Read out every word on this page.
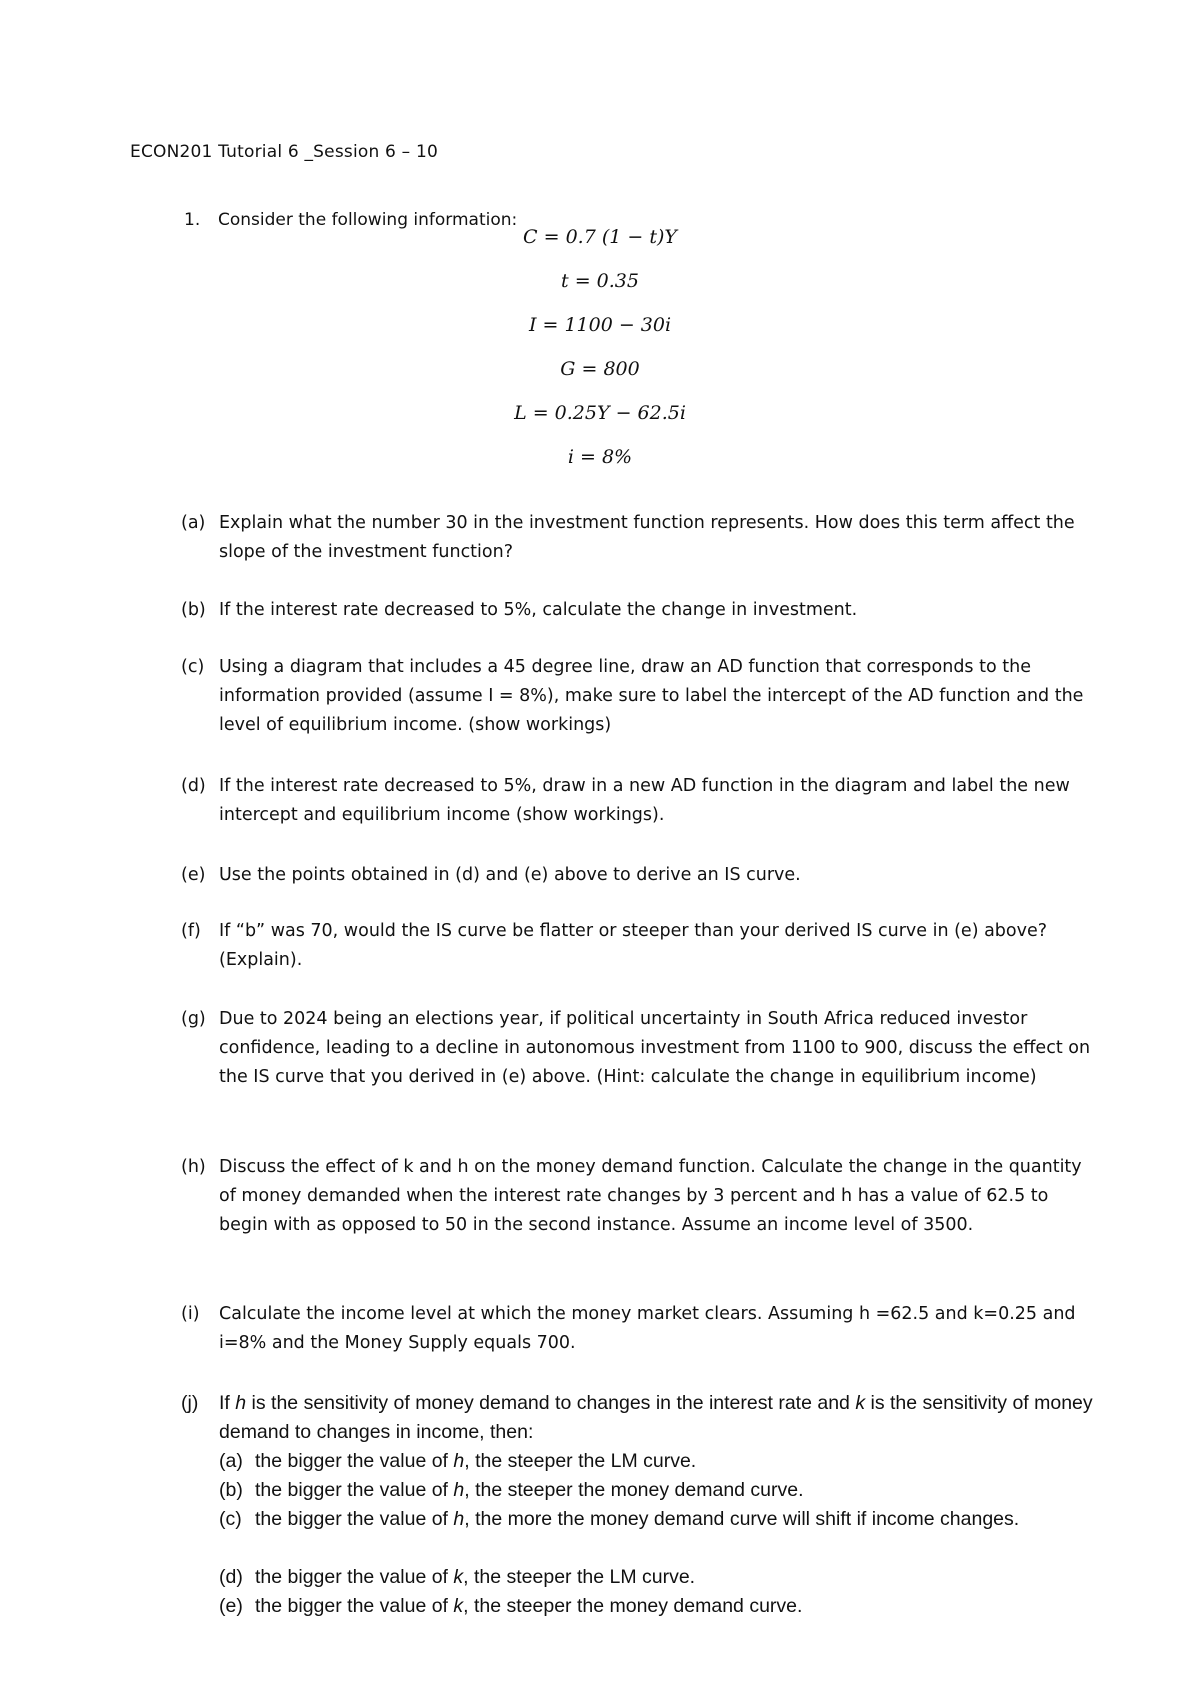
ECON201 Tutorial 6 _Session 6 – 10
1. Consider the following information:
C = 0.7 (1 − t)Y
t = 0.35
I = 1100 − 30i
G = 800
L = 0.25Y − 62.5i
i = 8%
(a) Explain what the number 30 in the investment function represents. How does this term affect the slope of the investment function?
(b) If the interest rate decreased to 5%, calculate the change in investment.
(c) Using a diagram that includes a 45 degree line, draw an AD function that corresponds to the information provided (assume I = 8%), make sure to label the intercept of the AD function and the level of equilibrium income. (show workings)
(d) If the interest rate decreased to 5%, draw in a new AD function in the diagram and label the new intercept and equilibrium income (show workings).
(e) Use the points obtained in (d) and (e) above to derive an IS curve.
(f) If “b” was 70, would the IS curve be flatter or steeper than your derived IS curve in (e) above? (Explain).
(g) Due to 2024 being an elections year, if political uncertainty in South Africa reduced investor confidence, leading to a decline in autonomous investment from 1100 to 900, discuss the effect on the IS curve that you derived in (e) above. (Hint: calculate the change in equilibrium income)
(h) Discuss the effect of k and h on the money demand function. Calculate the change in the quantity of money demanded when the interest rate changes by 3 percent and h has a value of 62.5 to begin with as opposed to 50 in the second instance. Assume an income level of 3500.
(i) Calculate the income level at which the money market clears. Assuming h =62.5 and k=0.25 and i=8% and the Money Supply equals 700.
(j) If h is the sensitivity of money demand to changes in the interest rate and k is the sensitivity of money demand to changes in income, then:
(a) the bigger the value of h, the steeper the LM curve.
(b) the bigger the value of h, the steeper the money demand curve.
(c) the bigger the value of h, the more the money demand curve will shift if income changes.
(d) the bigger the value of k, the steeper the LM curve.
(e) the bigger the value of k, the steeper the money demand curve.
